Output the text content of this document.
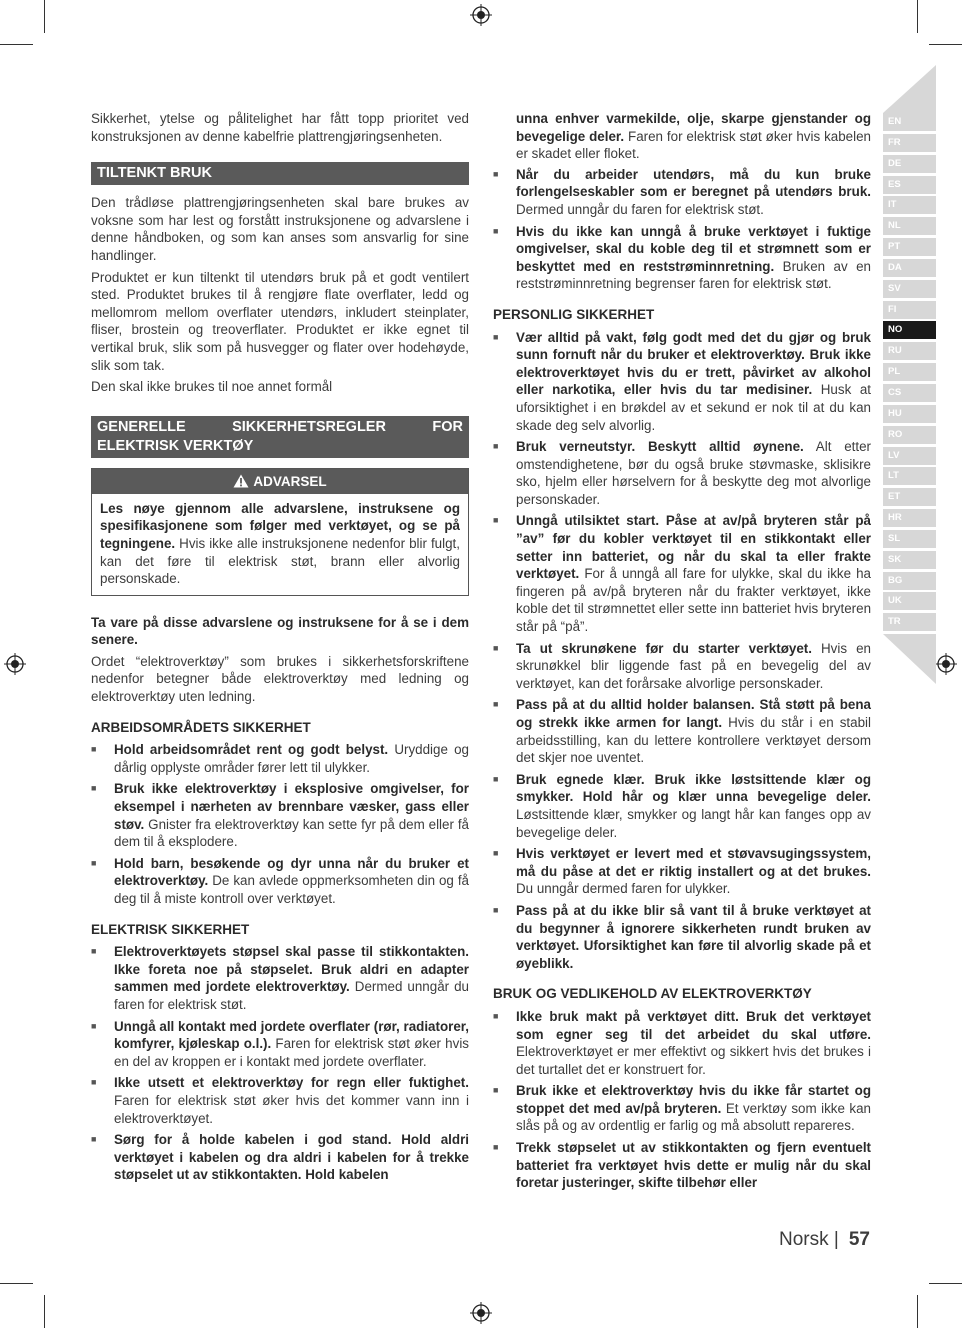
Sikkerhet, ytelse og pålitelighet har fått topp prioritet ved konstruksjonen av denne kabelfrie plattrengjøringsenheten.

TILTENKT BRUK

Den trådløse plattrengjøringsenheten skal bare brukes av voksne som har lest og forstått instruksjonene og advarslene i denne håndboken, og som kan anses som ansvarlig for sine handlinger.

Produktet er kun tiltenkt til utendørs bruk på et godt ventilert sted. Produktet brukes til å rengjøre flate overflater, ledd og mellomrom mellom overflater utendørs, inkludert steinplater, fliser, brostein og treoverflater. Produktet er ikke egnet til vertikal bruk, slik som på husvegger og flater over hodehøyde, slik som tak.

Den skal ikke brukes til noe annet formål

GENERELLE SIKKERHETSREGLER FOR ELEKTRISK VERKTØY
ADVARSEL
Les nøye gjennom alle advarslene, instruksene og spesifikasjonene som følger med verktøyet, og se på tegningene. Hvis ikke alle instruksjonene nedenfor blir fulgt, kan det føre til elektrisk støt, brann eller alvorlig personskade.

Ta vare på disse advarslene og instruksene for å se i dem senere.

Ordet “elektroverktøy” som brukes i sikkerhetsforskriftene nedenfor betegner både elektroverktøy med ledning og elektroverktøy uten ledning.

ARBEIDSOMRÅDETS SIKKERHET
■ Hold arbeidsområdet rent og godt belyst. Uryddige og dårlig opplyste områder fører lett til ulykker.
■ Bruk ikke elektroverktøy i eksplosive omgivelser, for eksempel i nærheten av brennbare væsker, gass eller støv. Gnister fra elektroverktøy kan sette fyr på dem eller få dem til å eksplodere.
■ Hold barn, besøkende og dyr unna når du bruker et elektroverktøy. De kan avlede oppmerksomheten din og få deg til å miste kontroll over verktøyet.
ELEKTRISK SIKKERHET
■ Elektroverktøyets støpsel skal passe til stikkontakten. Ikke foreta noe på støpselet. Bruk aldri en adapter sammen med jordete elektroverktøy. Dermed unngår du faren for elektrisk støt.
■ Unngå all kontakt med jordete overflater (rør, radiatorer, komfyrer, kjøleskap o.l.). Faren for elektrisk støt øker hvis en del av kroppen er i kontakt med jordete overflater.
■ Ikke utsett et elektroverktøy for regn eller fuktighet. Faren for elektrisk støt øker hvis det kommer vann inn i elektroverktøyet.
■ Sørg for å holde kabelen i god stand. Hold aldri verktøyet i kabelen og dra aldri i kabelen for å trekke støpselet ut av stikkontakten. Hold kabelen

unna enhver varmekilde, olje, skarpe gjenstander og bevegelige deler. Faren for elektrisk støt øker hvis kabelen er skadet eller floket.

■ Når du arbeider utendørs, må du kun bruke forlengelseskabler som er beregnet på utendørs bruk. Dermed unngår du faren for elektrisk støt.
■ Hvis du ikke kan unngå å bruke verktøyet i fuktige omgivelser, skal du koble deg til et strømnett som er beskyttet med en reststrøminnretning. Bruken av en reststrøminnretning begrenser faren for elektrisk støt.
PERSONLIG SIKKERHET
■ Vær alltid på vakt, følg godt med det du gjør og bruk sunn fornuft når du bruker et elektroverktøy. Bruk ikke elektroverktøyet hvis du er trett, påvirket av alkohol eller narkotika, eller hvis du tar medisiner. Husk at uforsiktighet i en brøkdel av et sekund er nok til at du kan skade deg selv alvorlig.
■ Bruk verneutstyr. Beskytt alltid øynene. Alt etter omstendighetene, bør du også bruke støvmaske, sklisikre sko, hjelm eller hørselvern for å beskytte deg mot alvorlige personskader.
■ Unngå utilsiktet start. Påse at av/på bryteren står på ”av” før du kobler verktøyet til en stikkontakt eller setter inn batteriet, og når du skal ta eller frakte verktøyet. For å unngå all fare for ulykke, skal du ikke ha fingeren på av/på bryteren når du frakter verktøyet, ikke koble det til strømnettet eller sette inn batteriet hvis bryteren står på “på”.
■ Ta ut skrunøkene før du starter verktøyet. Hvis en skrunøkkel blir liggende fast på en bevegelig del av verktøyet, kan det forårsake alvorlige personskader.
■ Pass på at du alltid holder balansen. Stå støtt på bena og strekk ikke armen for langt. Hvis du står i en stabil arbeidsstilling, kan du lettere kontrollere verktøyet dersom det skjer noe uventet.
■ Bruk egnede klær. Bruk ikke løstsittende klær og smykker. Hold hår og klær unna bevegelige deler. Løstsittende klær, smykker og langt hår kan fanges opp av bevegelige deler.
■ Hvis verktøyet er levert med et støvavsugingssystem, må du påse at det er riktig installert og at det brukes. Du unngår dermed faren for ulykker.
■ Pass på at du ikke blir så vant til å bruke verktøyet at du begynner å ignorere sikkerheten rundt bruken av verktøyet. Uforsiktighet kan føre til alvorlig skade på et øyeblikk.
BRUK OG VEDLIKEHOLD AV ELEKTROVERKTØY
■ Ikke bruk makt på verktøyet ditt. Bruk det verktøyet som egner seg til det arbeidet du skal utføre. Elektroverktøyet er mer effektivt og sikkert hvis det brukes i det turtallet det er konstruert for.
■ Bruk ikke et elektroverktøy hvis du ikke får startet og stoppet det med av/på bryteren. Et verktøy som ikke kan slås på og av ordentlig er farlig og må absolutt repareres.
■ Trekk støpselet ut av stikkontakten og fjern eventuelt batteriet fra verktøyet hvis dette er mulig når du skal foretar justeringer, skifte tilbehør eller
EN
FR
DE
ES
IT
NL
PT
DA
SV
FI
NO
RU
PL
CS
HU
RO
LV
LT
ET
HR
SL
SK
BG
UK
TR
Norsk | 57
